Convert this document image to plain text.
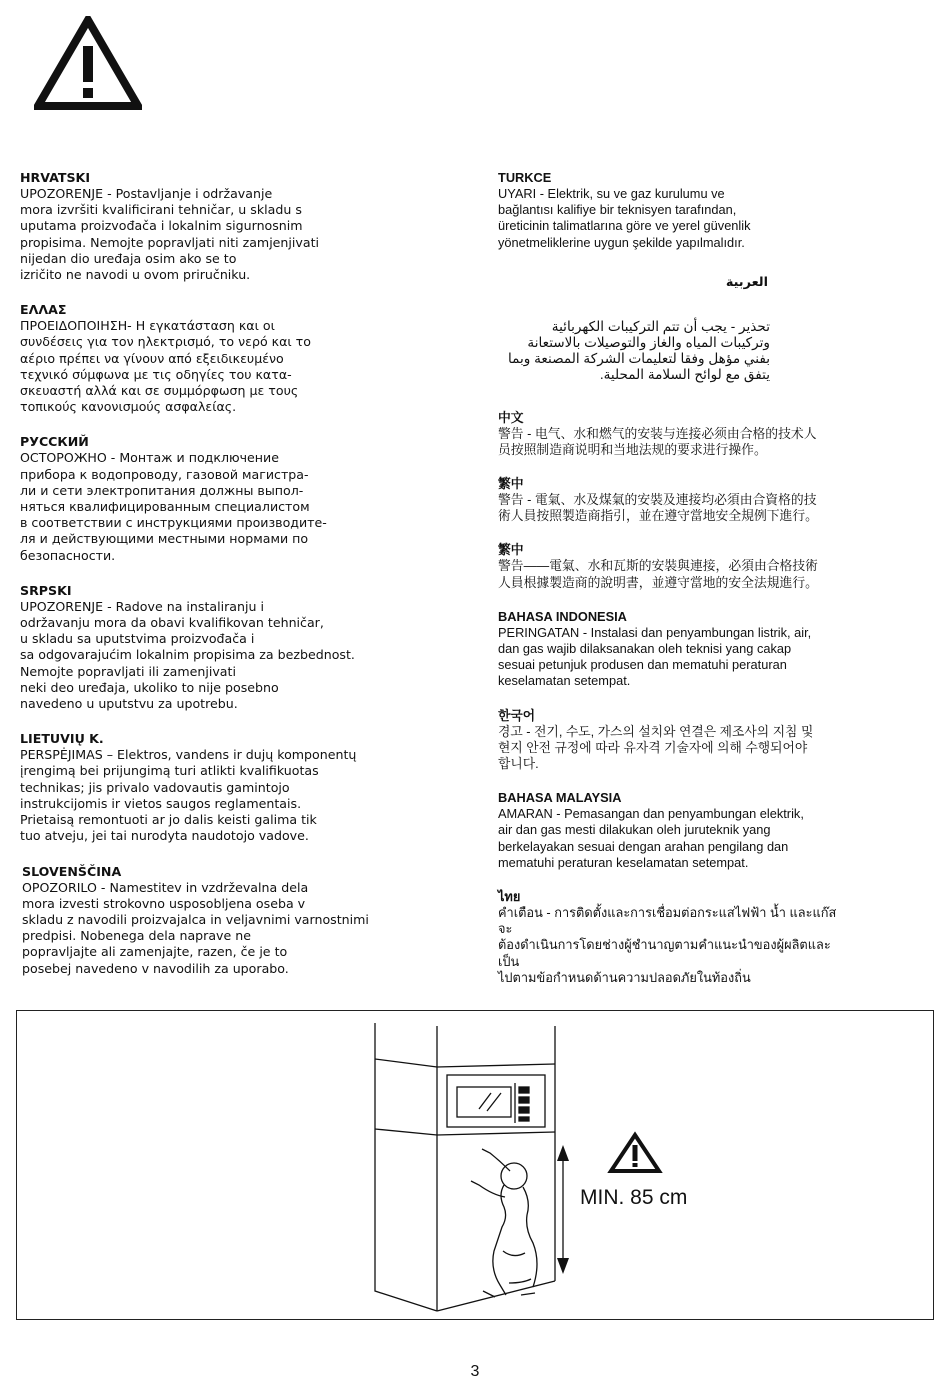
HRVATSKI
UPOZORENJE - Postavljanje i održavanje
mora izvršiti kvalificirani tehničar, u skladu s
uputama proizvođača i lokalnim sigurnosnim
propisima. Nemojte popravljati niti zamjenjivati
nijedan dio uređaja osim ako se to
izričito ne navodi u ovom priručniku.
ΕΛΛΑΣ
ΠΡΟΕΙΔΟΠΟΙΗΣΗ- Η εγκατάσταση και οι
συνδέσεις για τον ηλεκτρισμό, το νερό και το
αέριο πρέπει να γίνουν από εξειδικευμένο
τεχνικό σύμφωνα με τις οδηγίες του κατα-
σκευαστή αλλά και σε συμμόρφωση με τους
τοπικούς κανονισμούς ασφαλείας.
РУССКИЙ
ОСТОРОЖНО - Монтаж и подключение
прибора к водопроводу, газовой магистра-
ли и сети электропитания должны выпол-
няться квалифицированным специалистом
в соответствии с инструкциями производите-
ля и действующими местными нормами по
безопасности.
SRPSKI
UPOZORENJE - Radove na instaliranju i
održavanju mora da obavi kvalifikovan tehničar,
u skladu sa uputstvima proizvođača i
sa odgovarajućim lokalnim propisima za bezbednost.
Nemojte popravljati ili zamenjivati
neki deo uređaja, ukoliko to nije posebno
navedeno u uputstvu za upotrebu.
LIETUVIŲ K.
PERSPĖJIMAS – Elektros, vandens ir dujų komponentų
įrengimą bei prijungimą turi atlikti kvalifikuotas
technikas; jis privalo vadovautis gamintojo
instrukcijomis ir vietos saugos reglamentais.
Prietaisą remontuoti ar jo dalis keisti galima tik
tuo atveju, jei tai nurodyta naudotojo vadove.
SLOVENŠČINA
OPOZORILO - Namestitev in vzdrževalna dela
mora izvesti strokovno usposobljena oseba v
skladu z navodili proizvajalca in veljavnimi varnostnimi
predpisi. Nobenega dela naprave ne
popravljajte ali zamenjajte, razen, če je to
posebej navedeno v navodilih za uporabo.
TURKCE
UYARI - Elektrik, su ve gaz kurulumu ve
bağlantısı kalifiye bir teknisyen tarafından,
üreticinin talimatlarına göre ve yerel güvenlik
yönetmeliklerine uygun şekilde yapılmalıdır.
العربية
تحذير - يجب أن تتم التركيبات الكهربائية
وتركيبات المياه والغاز والتوصيلات بالاستعانة
بفني مؤهل وفقا لتعليمات الشركة المصنعة وبما
يتفق مع لوائح السلامة المحلية.
中文
警告 - 电气、水和燃气的安装与连接必须由合格的技术人
员按照制造商说明和当地法规的要求进行操作。
繁中
警告 - 電氣、水及煤氣的安裝及連接均必須由合資格的技
術人員按照製造商指引，並在遵守當地安全規例下進行。
繁中
警告——電氣、水和瓦斯的安裝與連接，必須由合格技術
人員根據製造商的說明書，並遵守當地的安全法規進行。
BAHASA INDONESIA
PERINGATAN - Instalasi dan penyambungan listrik, air,
dan gas wajib dilaksanakan oleh teknisi yang cakap
sesuai petunjuk produsen dan mematuhi peraturan
keselamatan setempat.
한국어
경고 - 전기, 수도, 가스의 설치와 연결은 제조사의 지침 및
현지 안전 규정에 따라 유자격 기술자에 의해 수행되어야
합니다.
BAHASA MALAYSIA
AMARAN - Pemasangan dan penyambungan elektrik,
air dan gas mesti dilakukan oleh juruteknik yang
berkelayakan sesuai dengan arahan pengilang dan
mematuhi peraturan keselamatan setempat.
ไทย
คำเตือน - การติดตั้งและการเชื่อมต่อกระแสไฟฟ้า น้ำ และแก๊สจะ
ต้องดำเนินการโดยช่างผู้ชำนาญตามคำแนะนำของผู้ผลิตและเป็น
ไปตามข้อกำหนดด้านความปลอดภัยในท้องถิ่น
MIN. 85 cm
3
